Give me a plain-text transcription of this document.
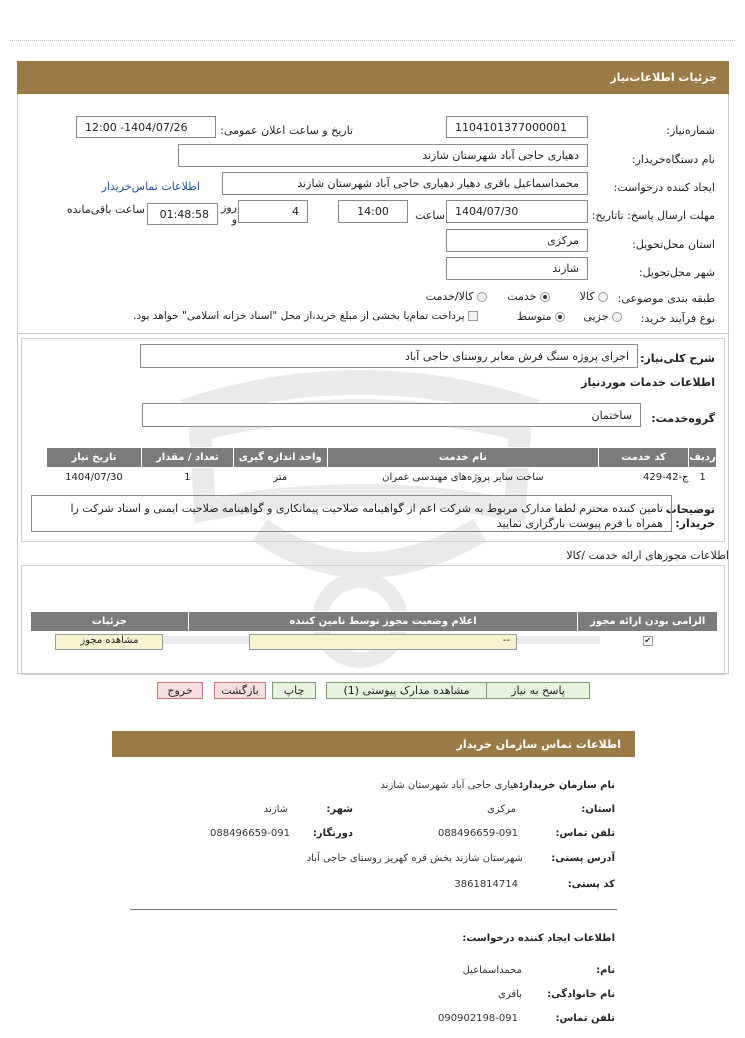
جزئیات اطلاعات‌نیاز
شماره‌نیاز:
1104101377000001
تاریخ و ساعت اعلان عمومی:
1404/07/26- 12:00
نام دستگاه‌خریدار:
دهیاری حاجی آباد شهرستان شازند
ایجاد کننده درخواست:
محمداسماعیل باقری دهیار دهیاری حاجی آباد شهرستان شازند
اطلاعات تماس‌خریدار
مهلت ارسال پاسخ: تاتاریخ:
1404/07/30
ساعت
14:00
4
روز و
01:48:58
ساعت باقی‌مانده
استان محل‌تحویل:
مرکزی
شهر محل‌تحویل:
شازند
طبقه بندی موضوعی:
کالا
خدمت
کالا/خدمت
نوع فرآیند خرید:
جزیی
متوسط
پرداخت تمام‌یا بخشی از مبلغ خرید،از محل "اسناد خزانه اسلامی" خواهد بود.
شرح کلی‌نیاز:
اجرای پروژه سنگ فرش معابر روستای حاجی آباد
اطلاعات خدمات موردنیاز
گروه‌خدمت:
ساختمان
ردیف	کد خدمت	نام خدمت	واحد اندازه گیری	تعداد / مقدار	تاریخ نیاز
1	ج-42-429	ساخت سایر پروژه‌های مهندسی عمران	متر	1	1404/07/30
توضیحات خریدار:
تامین کننده محترم لطفا مدارک مربوط به شرکت اعم از گواهینامه صلاحیت پیمانکاری و گواهینامه صلاحیت ایمنی و اسناد شرکت را همراه با فرم پیوست بارگزاری نمایید
اطلاعات مجوزهای ارائه خدمت /کالا
الزامی بودن ارائه مجوز	اعلام وضعیت مجوز توسط نامین کننده	جزئیات
✔	--	مشاهده مجوز
پاسخ به نیاز
مشاهده مدارک پیوستی (1)
چاپ
بازگشت
خروج
اطلاعات تماس سازمان خریدار
نام سازمان خریدار:
دهیاری حاجی آباد شهرستان شازند
استان:
مرکزی
شهر:
شازند
تلفن تماس:
088496659-091
دورنگار:
088496659-091
آدرس پستی:
شهرستان شازند بخش قره کهریز روستای حاجی آباد
کد پستی:
3861814714
اطلاعات ایجاد کننده درخواست:
نام:
محمداسماعیل
نام خانوادگی:
باقری
تلفن تماس:
090902198-091
